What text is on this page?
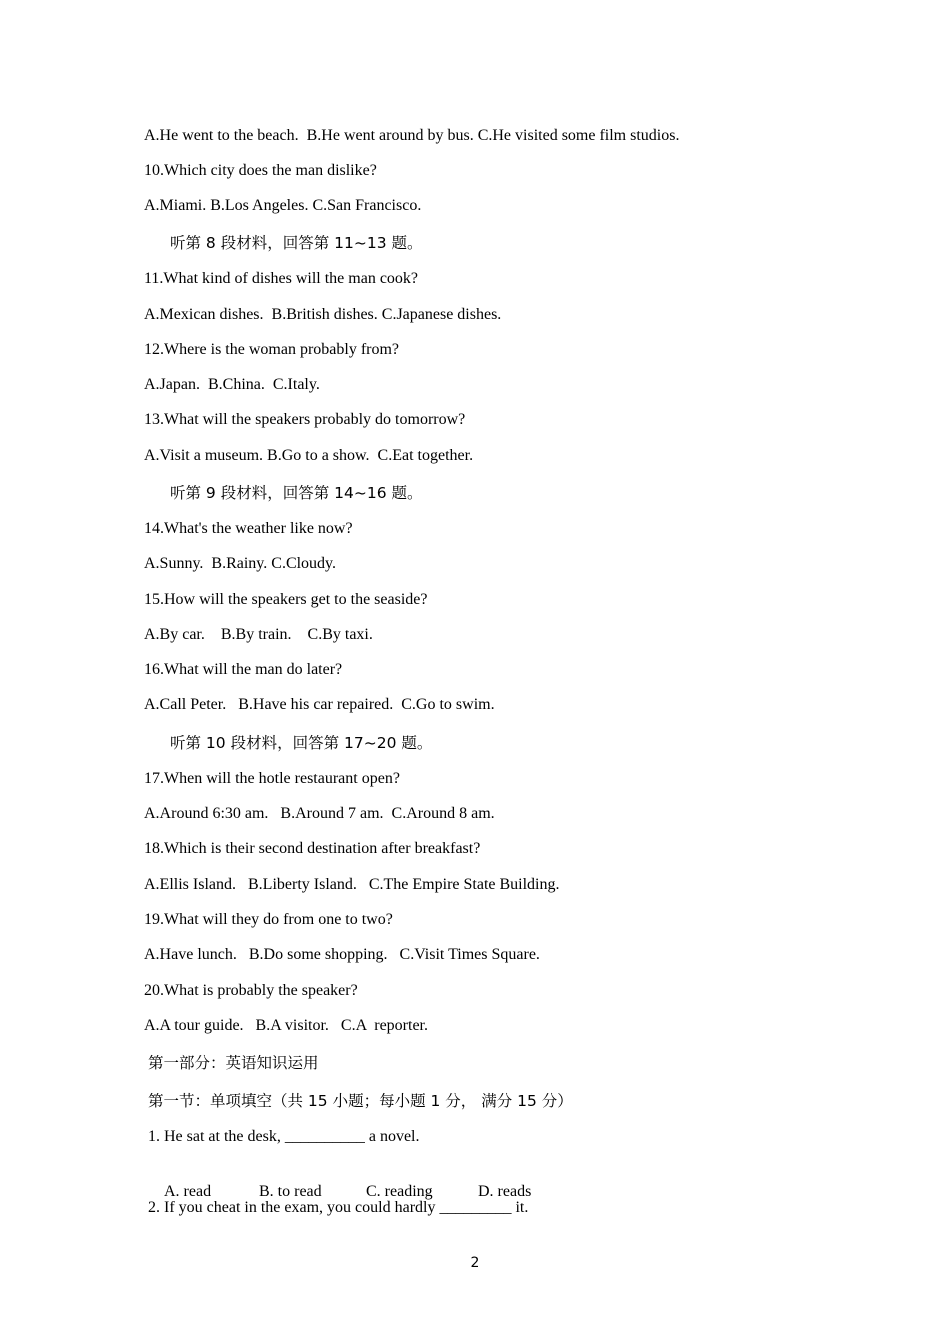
A.He went to the beach.  B.He went around by bus. C.He visited some film studios.
10.Which city does the man dislike?
A.Miami. B.Los Angeles. C.San Francisco.
听第 8 段材料，回答第 11~13 题。
11.What kind of dishes will the man cook?
A.Mexican dishes.  B.British dishes. C.Japanese dishes.
12.Where is the woman probably from?
A.Japan.  B.China.  C.Italy.
13.What will the speakers probably do tomorrow?
A.Visit a museum. B.Go to a show.  C.Eat together.
听第 9 段材料，回答第 14~16 题。
14.What's the weather like now?
A.Sunny.  B.Rainy. C.Cloudy.
15.How will the speakers get to the seaside?
A.By car.    B.By train.    C.By taxi.
16.What will the man do later?
A.Call Peter.   B.Have his car repaired.  C.Go to swim.
听第 10 段材料，回答第 17~20 题。
17.When will the hotle restaurant open?
A.Around 6:30 am.   B.Around 7 am.  C.Around 8 am.
18.Which is their second destination after breakfast?
A.Ellis Island.   B.Liberty Island.   C.The Empire State Building.
19.What will they do from one to two?
A.Have lunch.   B.Do some shopping.   C.Visit Times Square.
20.What is probably the speaker?
A.A tour guide.   B.A visitor.   C.A  reporter.
第一部分：英语知识运用
第一节：单项填空（共 15 小题；每小题 1 分， 满分 15 分）
1. He sat at the desk, __________ a novel.

A. read	B. to read	C. reading	D. reads

2. If you cheat in the exam, you could hardly _________ it.
2
